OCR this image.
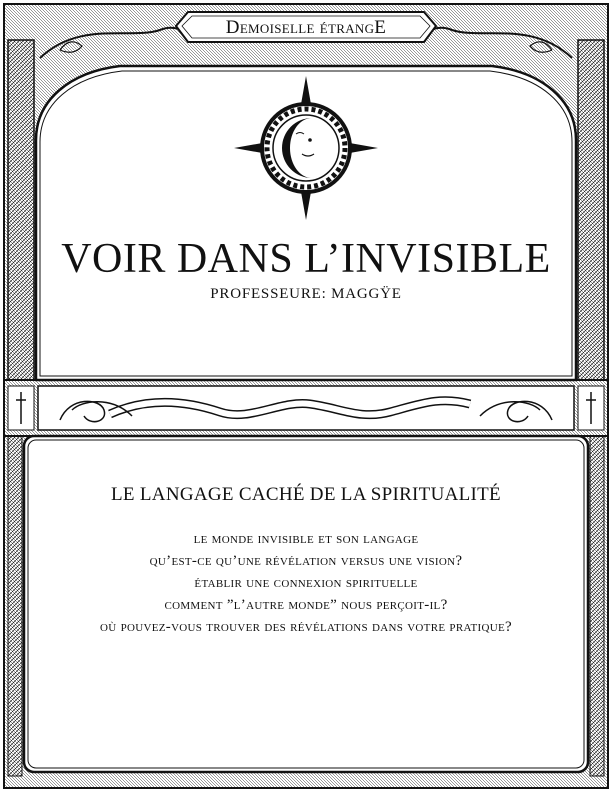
Demoiselle étrangE
VOIR DANS L’INVISIBLE
PROFESSEURE: MAGGŸE
LE LANGAGE CACHÉ DE LA SPIRITUALITÉ
le monde invisible et son langage
qu’est-ce qu’une révélation versus une vision?
établir une connexion spirituelle
comment ”l’autre monde” nous perçoit-il?
où pouvez-vous trouver des révélations dans votre pratique?
